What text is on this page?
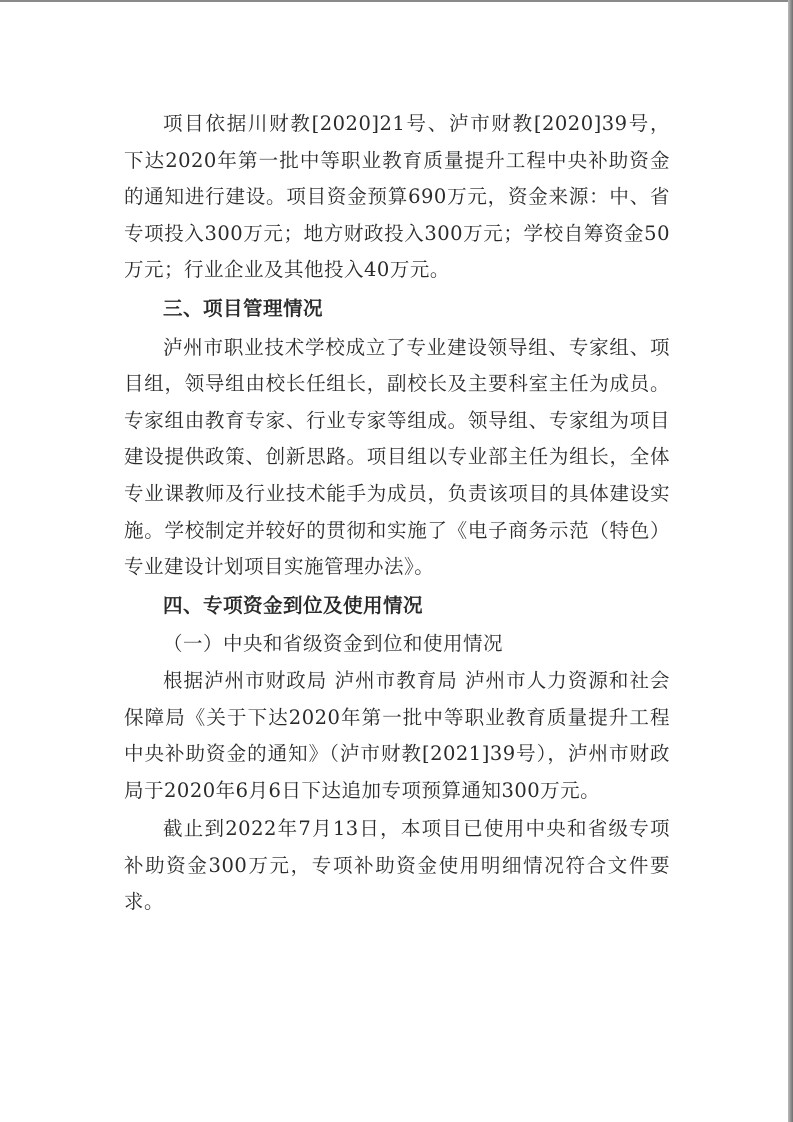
项目依据川财教[2020]21号、泸市财教[2020]39号，下达2020年第一批中等职业教育质量提升工程中央补助资金的通知进行建设。项目资金预算690万元，资金来源：中、省专项投入300万元；地方财政投入300万元；学校自筹资金50万元；行业企业及其他投入40万元。

三、项目管理情况

泸州市职业技术学校成立了专业建设领导组、专家组、项目组，领导组由校长任组长，副校长及主要科室主任为成员。专家组由教育专家、行业专家等组成。领导组、专家组为项目建设提供政策、创新思路。项目组以专业部主任为组长，全体专业课教师及行业技术能手为成员，负责该项目的具体建设实施。学校制定并较好的贯彻和实施了《电子商务示范（特色）专业建设计划项目实施管理办法》。

四、专项资金到位及使用情况

（一）中央和省级资金到位和使用情况

根据泸州市财政局 泸州市教育局 泸州市人力资源和社会保障局《关于下达2020年第一批中等职业教育质量提升工程中央补助资金的通知》（泸市财教[2021]39号），泸州市财政局于2020年6月6日下达追加专项预算通知300万元。

截止到2022年7月13日，本项目已使用中央和省级专项补助资金300万元，专项补助资金使用明细情况符合文件要求。
